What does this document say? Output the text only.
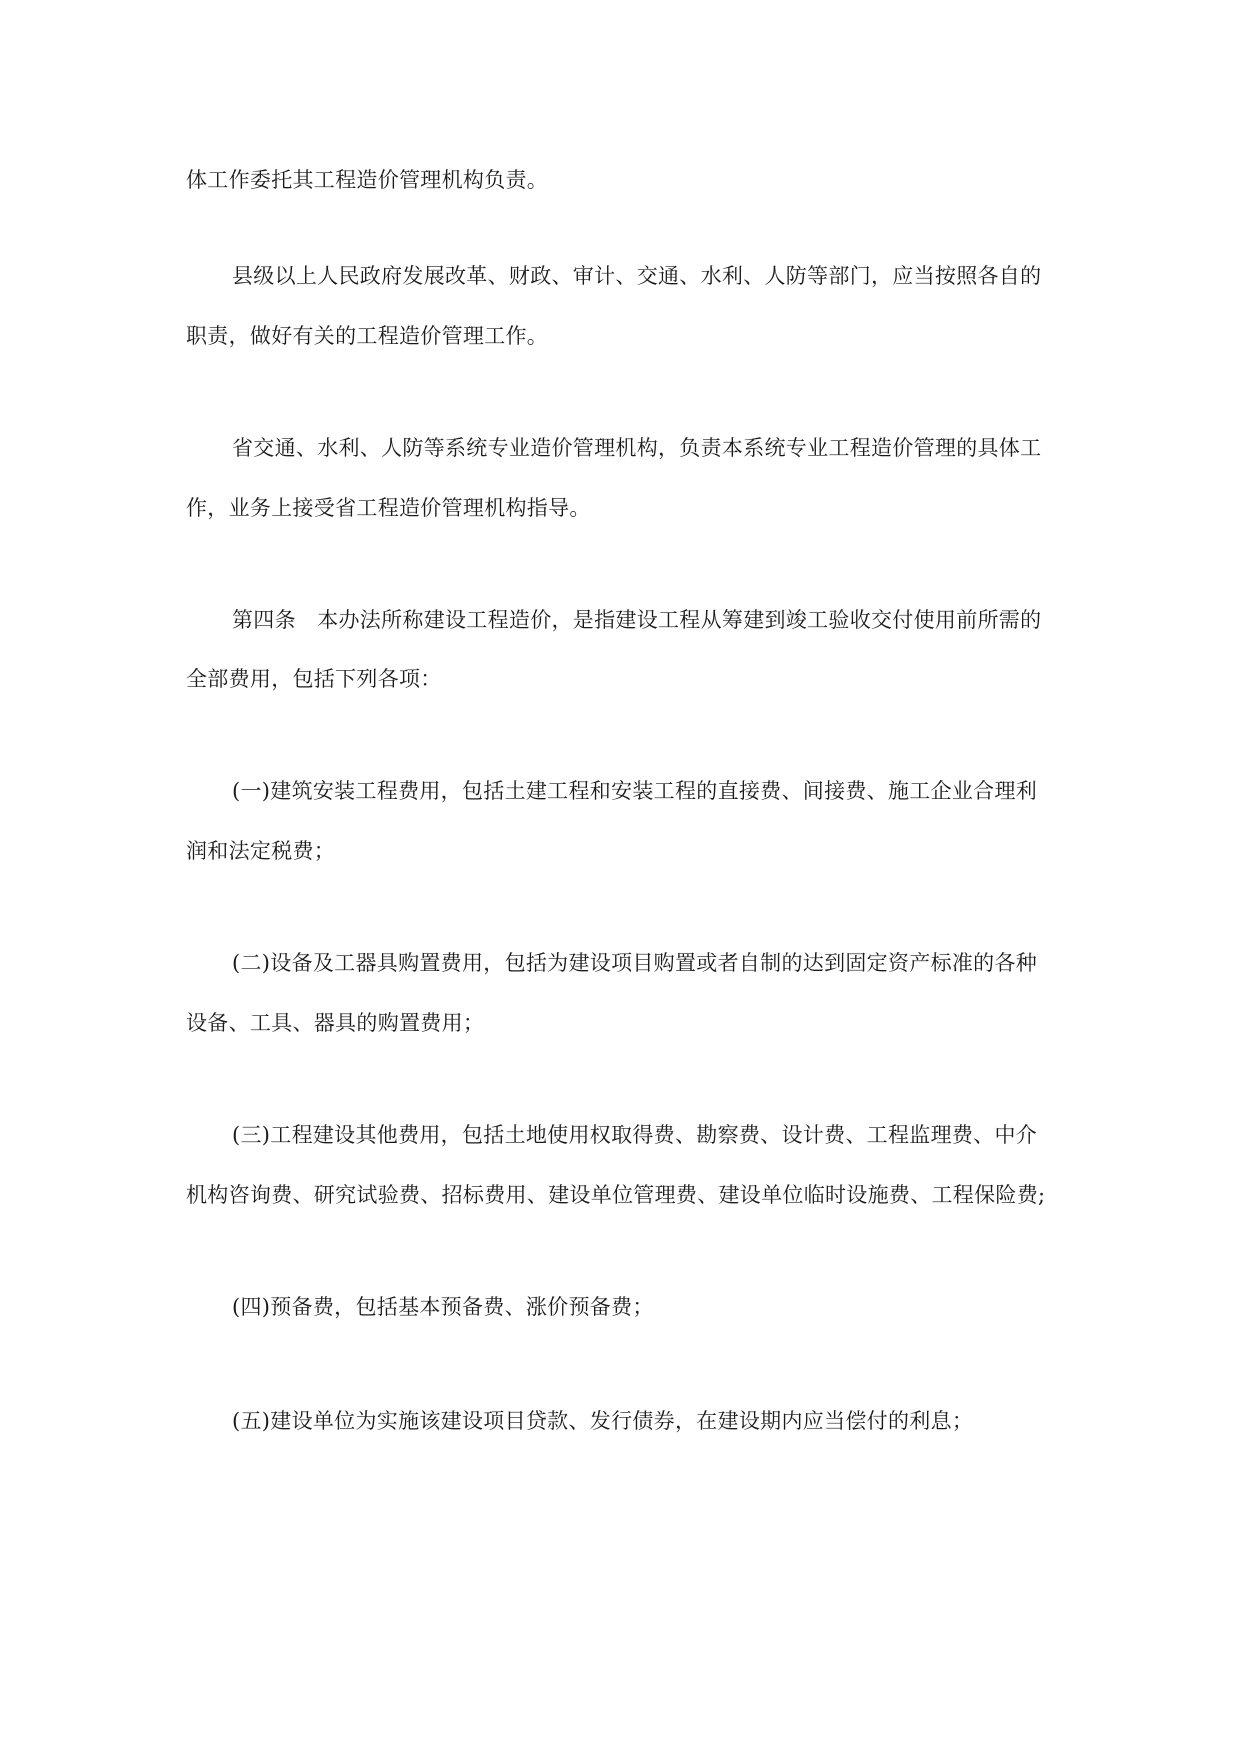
体工作委托其工程造价管理机构负责。
县级以上人民政府发展改革、财政、审计、交通、水利、人防等部门，应当按照各自的
职责，做好有关的工程造价管理工作。
省交通、水利、人防等系统专业造价管理机构，负责本系统专业工程造价管理的具体工
作，业务上接受省工程造价管理机构指导。
第四条　本办法所称建设工程造价，是指建设工程从筹建到竣工验收交付使用前所需的
全部费用，包括下列各项：
(一)建筑安装工程费用，包括土建工程和安装工程的直接费、间接费、施工企业合理利
润和法定税费；
(二)设备及工器具购置费用，包括为建设项目购置或者自制的达到固定资产标准的各种
设备、工具、器具的购置费用；
(三)工程建设其他费用，包括土地使用权取得费、勘察费、设计费、工程监理费、中介
机构咨询费、研究试验费、招标费用、建设单位管理费、建设单位临时设施费、工程保险费;
(四)预备费，包括基本预备费、涨价预备费；
(五)建设单位为实施该建设项目贷款、发行债券，在建设期内应当偿付的利息；
